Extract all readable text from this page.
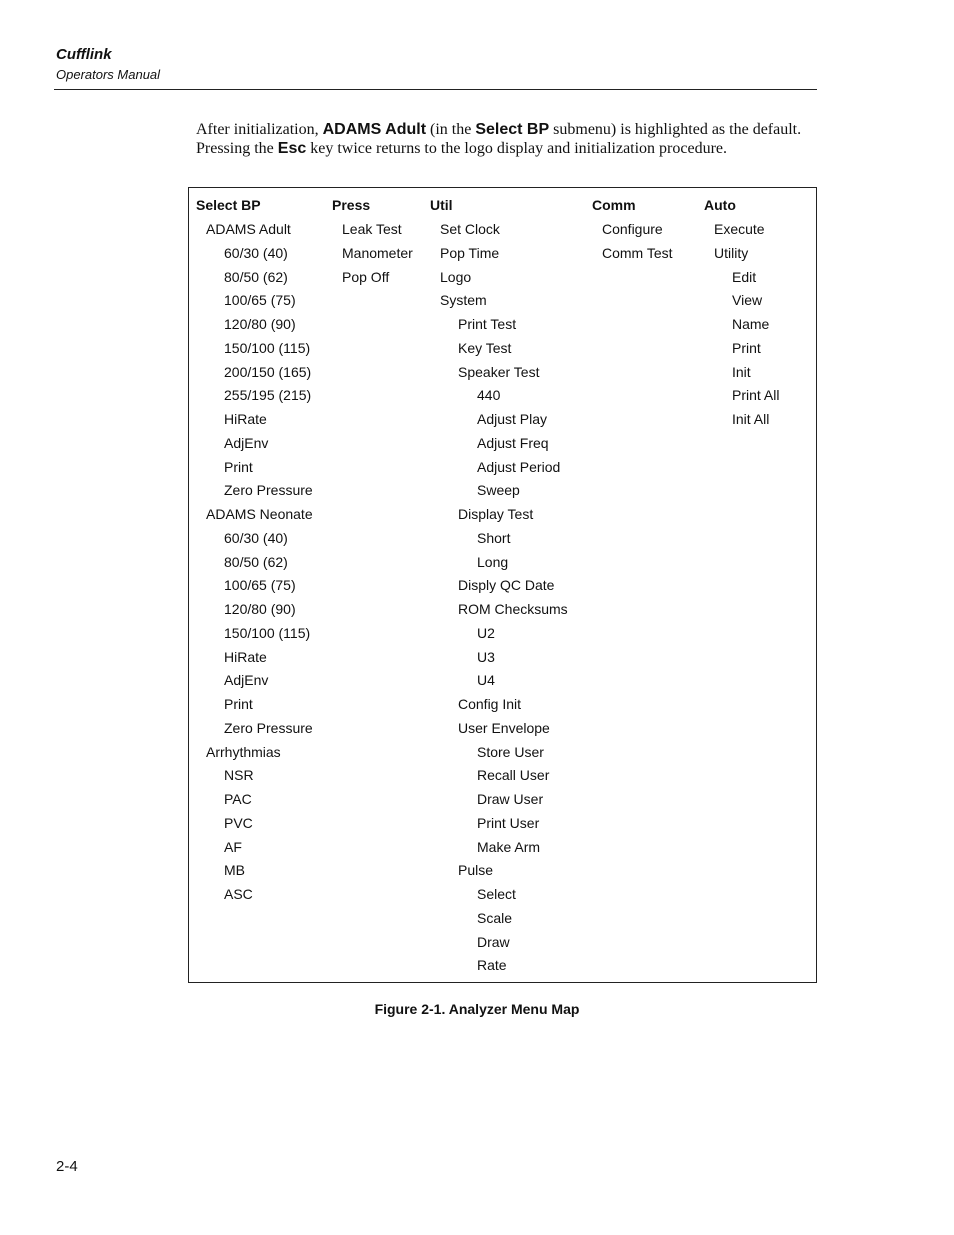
Cufflink
Operators Manual
After initialization, ADAMS Adult (in the Select BP submenu) is highlighted as the default. Pressing the Esc key twice returns to the logo display and initialization procedure.
Select BP
ADAMS Adult
60/30 (40)
80/50 (62)
100/65 (75)
120/80 (90)
150/100 (115)
200/150 (165)
255/195 (215)
HiRate
AdjEnv
Print
Zero Pressure
ADAMS Neonate
60/30 (40)
80/50 (62)
100/65 (75)
120/80 (90)
150/100 (115)
HiRate
AdjEnv
Print
Zero Pressure
Arrhythmias
NSR
PAC
PVC
AF
MB
ASC
Press
Leak Test
Manometer
Pop Off
Util
Set Clock
Pop Time
Logo
System
Print Test
Key Test
Speaker Test
440
Adjust Play
Adjust Freq
Adjust Period
Sweep
Display Test
Short
Long
Disply QC Date
ROM Checksums
U2
U3
U4
Config Init
User Envelope
Store User
Recall User
Draw User
Print User
Make Arm
Pulse
Select
Scale
Draw
Rate
Comm
Configure
Comm Test
Auto
Execute
Utility
Edit
View
Name
Print
Init
Print All
Init All
Figure 2-1. Analyzer Menu Map
2-4
